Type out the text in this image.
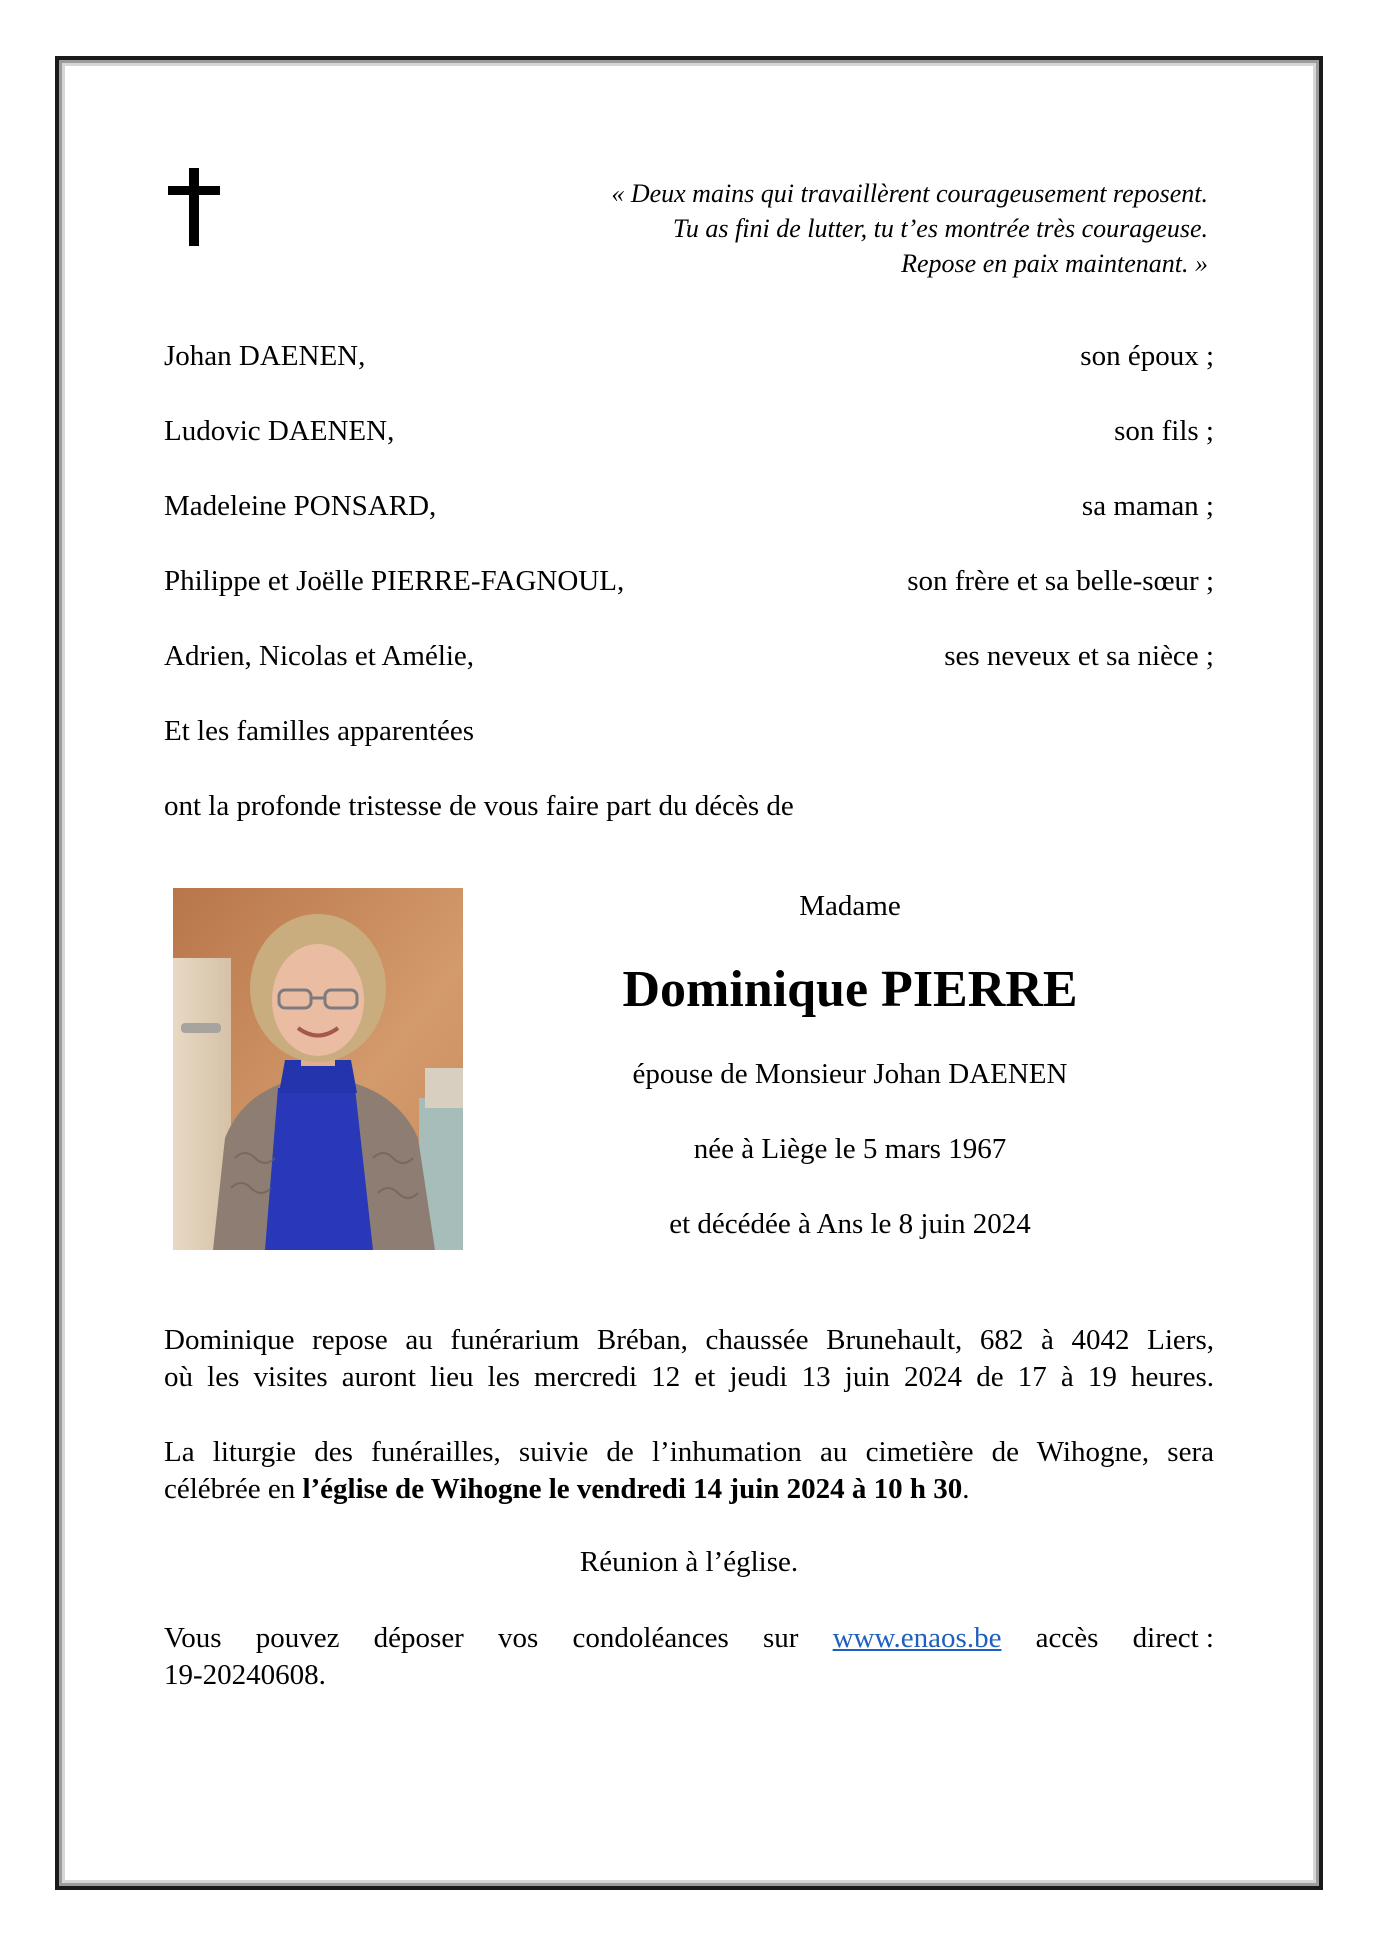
« Deux mains qui travaillèrent courageusement reposent.
Tu as fini de lutter, tu t’es montrée très courageuse.
Repose en paix maintenant. »
Johan DAENEN,	son époux ;
Ludovic DAENEN,	son fils ;
Madeleine PONSARD,	sa maman ;
Philippe et Joëlle PIERRE-FAGNOUL,	son frère et sa belle-sœur ;
Adrien, Nicolas et Amélie,	ses neveux et sa nièce ;
Et les familles apparentées
ont la profonde tristesse de vous faire part du décès de
Madame
Dominique PIERRE
épouse de Monsieur Johan DAENEN
née à Liège le 5 mars 1967
et décédée à Ans le 8 juin 2024
Dominique repose au funérarium Bréban, chaussée Brunehault, 682 à 4042 Liers,
où les visites auront lieu les mercredi 12 et jeudi 13 juin 2024 de 17 à 19 heures.
La liturgie des funérailles, suivie de l’inhumation au cimetière de Wihogne, sera
célébrée en l’église de Wihogne le vendredi 14 juin 2024 à 10 h 30.
Réunion à l’église.
Vous pouvez déposer vos condoléances sur www.enaos.be accès direct :
19-20240608.
